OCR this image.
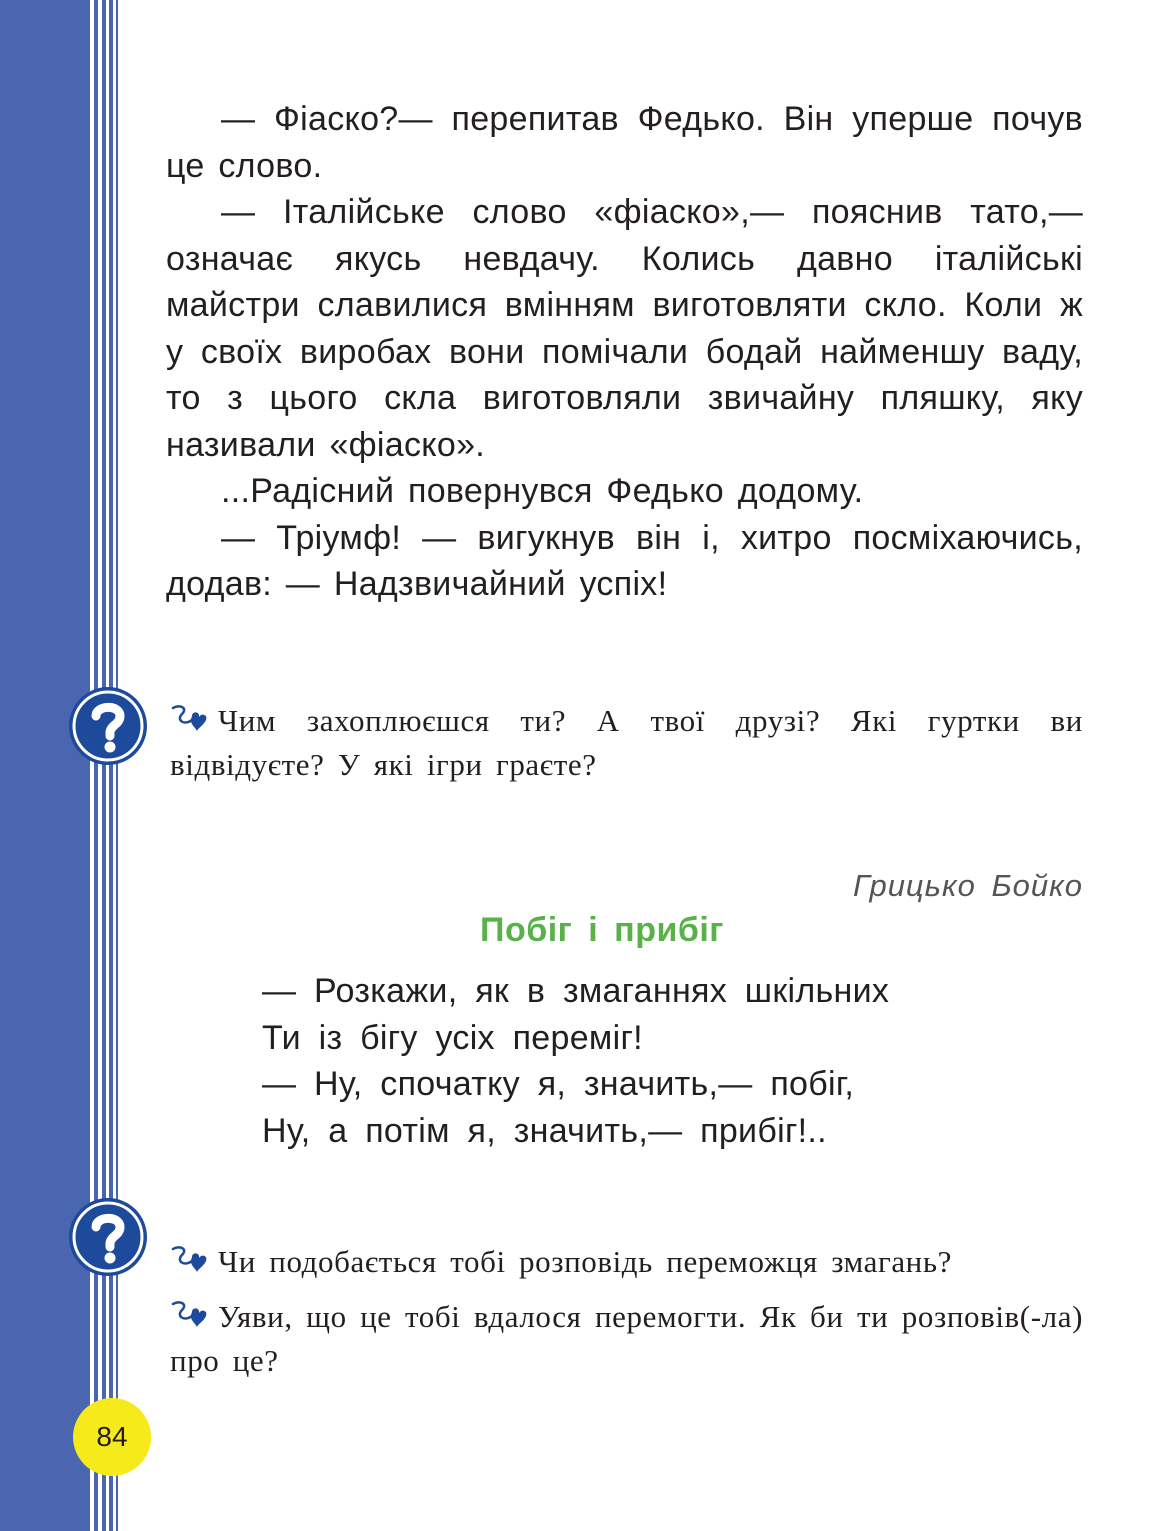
— Фіаско?— перепитав Федько. Він уперше почув це слово.

— Італійське слово «фіаско»,— пояснив тато,— означає якусь невдачу. Колись давно італійські майстри славилися вмінням виготовляти скло. Коли ж у своїх виробах вони помічали бодай найменшу ваду, то з цього скла виготовляли звичайну пляшку, яку називали «фіаско».

...Радісний повернувся Федько додому.

— Тріумф! — вигукнув він і, хитро посміхаючись, додав: — Надзвичайний успіх!

Чим захоплюєшся ти? А твої друзі? Які гуртки ви відвідуєте? У які ігри граєте?
Грицько Бойко
Побіг і прибіг

— Розкажи, як в змаганнях шкільних

Ти із бігу усіх переміг!

— Ну, спочатку я, значить,— побіг,

Ну, а потім я, значить,— прибіг!..

Чи подобається тобі розповідь переможця змагань?
Уяви, що це тобі вдалося перемогти. Як би ти розповів(-ла) про це?
84
